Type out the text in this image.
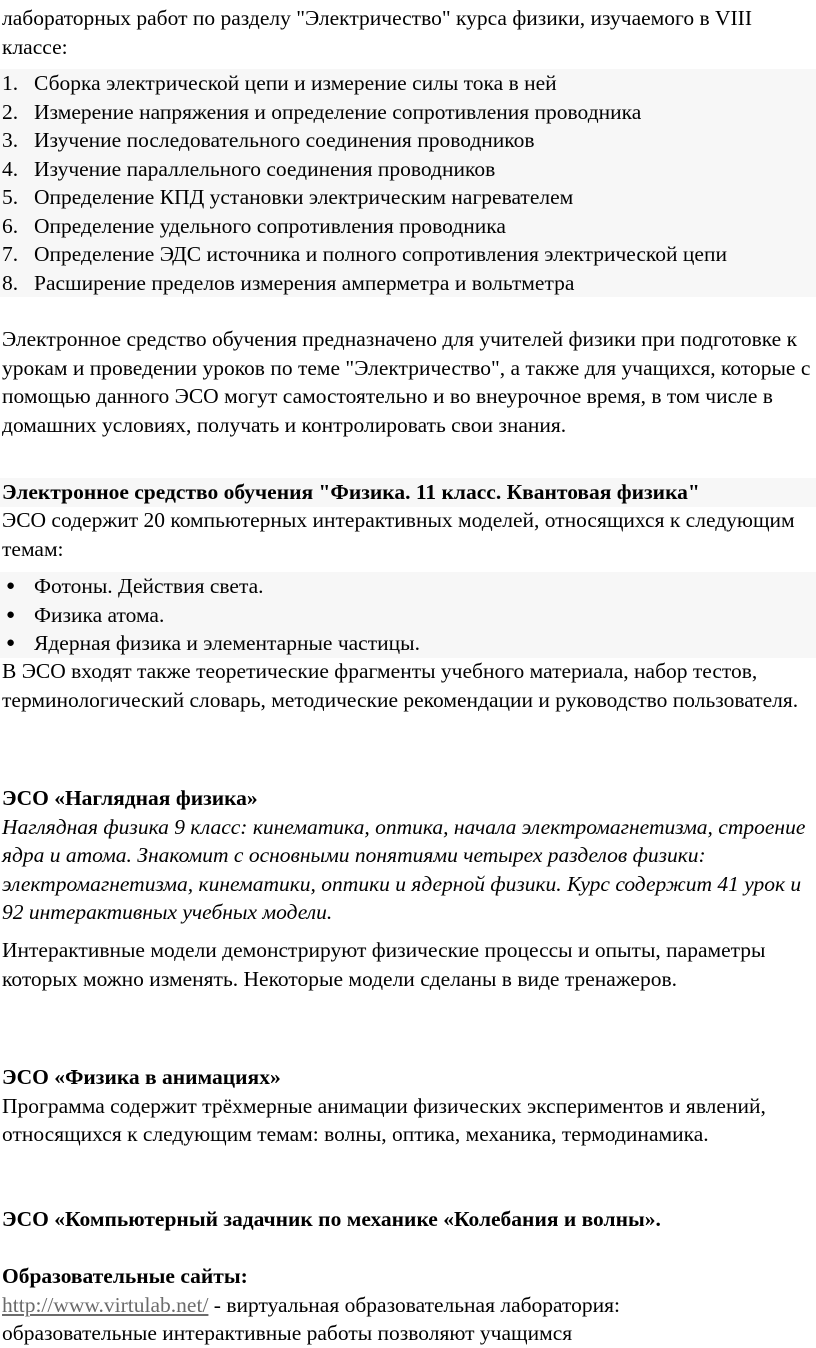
лабораторных работ по разделу "Электричество" курса физики, изучаемого в VIII классе:

1. Сборка электрической цепи и измерение силы тока в ней
2. Измерение напряжения и определение сопротивления проводника
3. Изучение последовательного соединения проводников
4. Изучение параллельного соединения проводников
5. Определение КПД установки электрическим нагревателем
6. Определение удельного сопротивления проводника
7. Определение ЭДС источника и полного сопротивления электрической цепи
8. Расширение пределов измерения амперметра и вольтметра

Электронное средство обучения предназначено для учителей физики при подготовке к урокам и проведении уроков по теме "Электричество", а также для учащихся, которые с помощью данного ЭСО могут самостоятельно и во внеурочное время, в том числе в домашних условиях, получать и контролировать свои знания.

Электронное средство обучения "Физика. 11 класс. Квантовая физика"

ЭСО содержит 20 компьютерных интерактивных моделей, относящихся к следующим темам:

● Фотоны. Действия света.
● Физика атома.
● Ядерная физика и элементарные частицы.

В ЭСО входят также теоретические фрагменты учебного материала, набор тестов, терминологический словарь, методические рекомендации и руководство пользователя.

ЭСО «Наглядная физика»

Наглядная физика 9 класс: кинематика, оптика, начала электромагнетизма, строение ядра и атома. Знакомит с основными понятиями четырех разделов физики: электромагнетизма, кинематики, оптики и ядерной физики. Курс содержит 41 урок и 92 интерактивных учебных модели.

Интерактивные модели демонстрируют физические процессы и опыты, параметры которых можно изменять. Некоторые модели сделаны в виде тренажеров.

ЭСО «Физика в анимациях»

Программа содержит трёхмерные анимации физических экспериментов и явлений, относящихся к следующим темам: волны, оптика, механика, термодинамика.

ЭСО «Компьютерный задачник по механике «Колебания и волны».

Образовательные сайты:

http://www.virtulab.net/ - виртуальная образовательная лаборатория:

образовательные интерактивные работы позволяют учащимся
